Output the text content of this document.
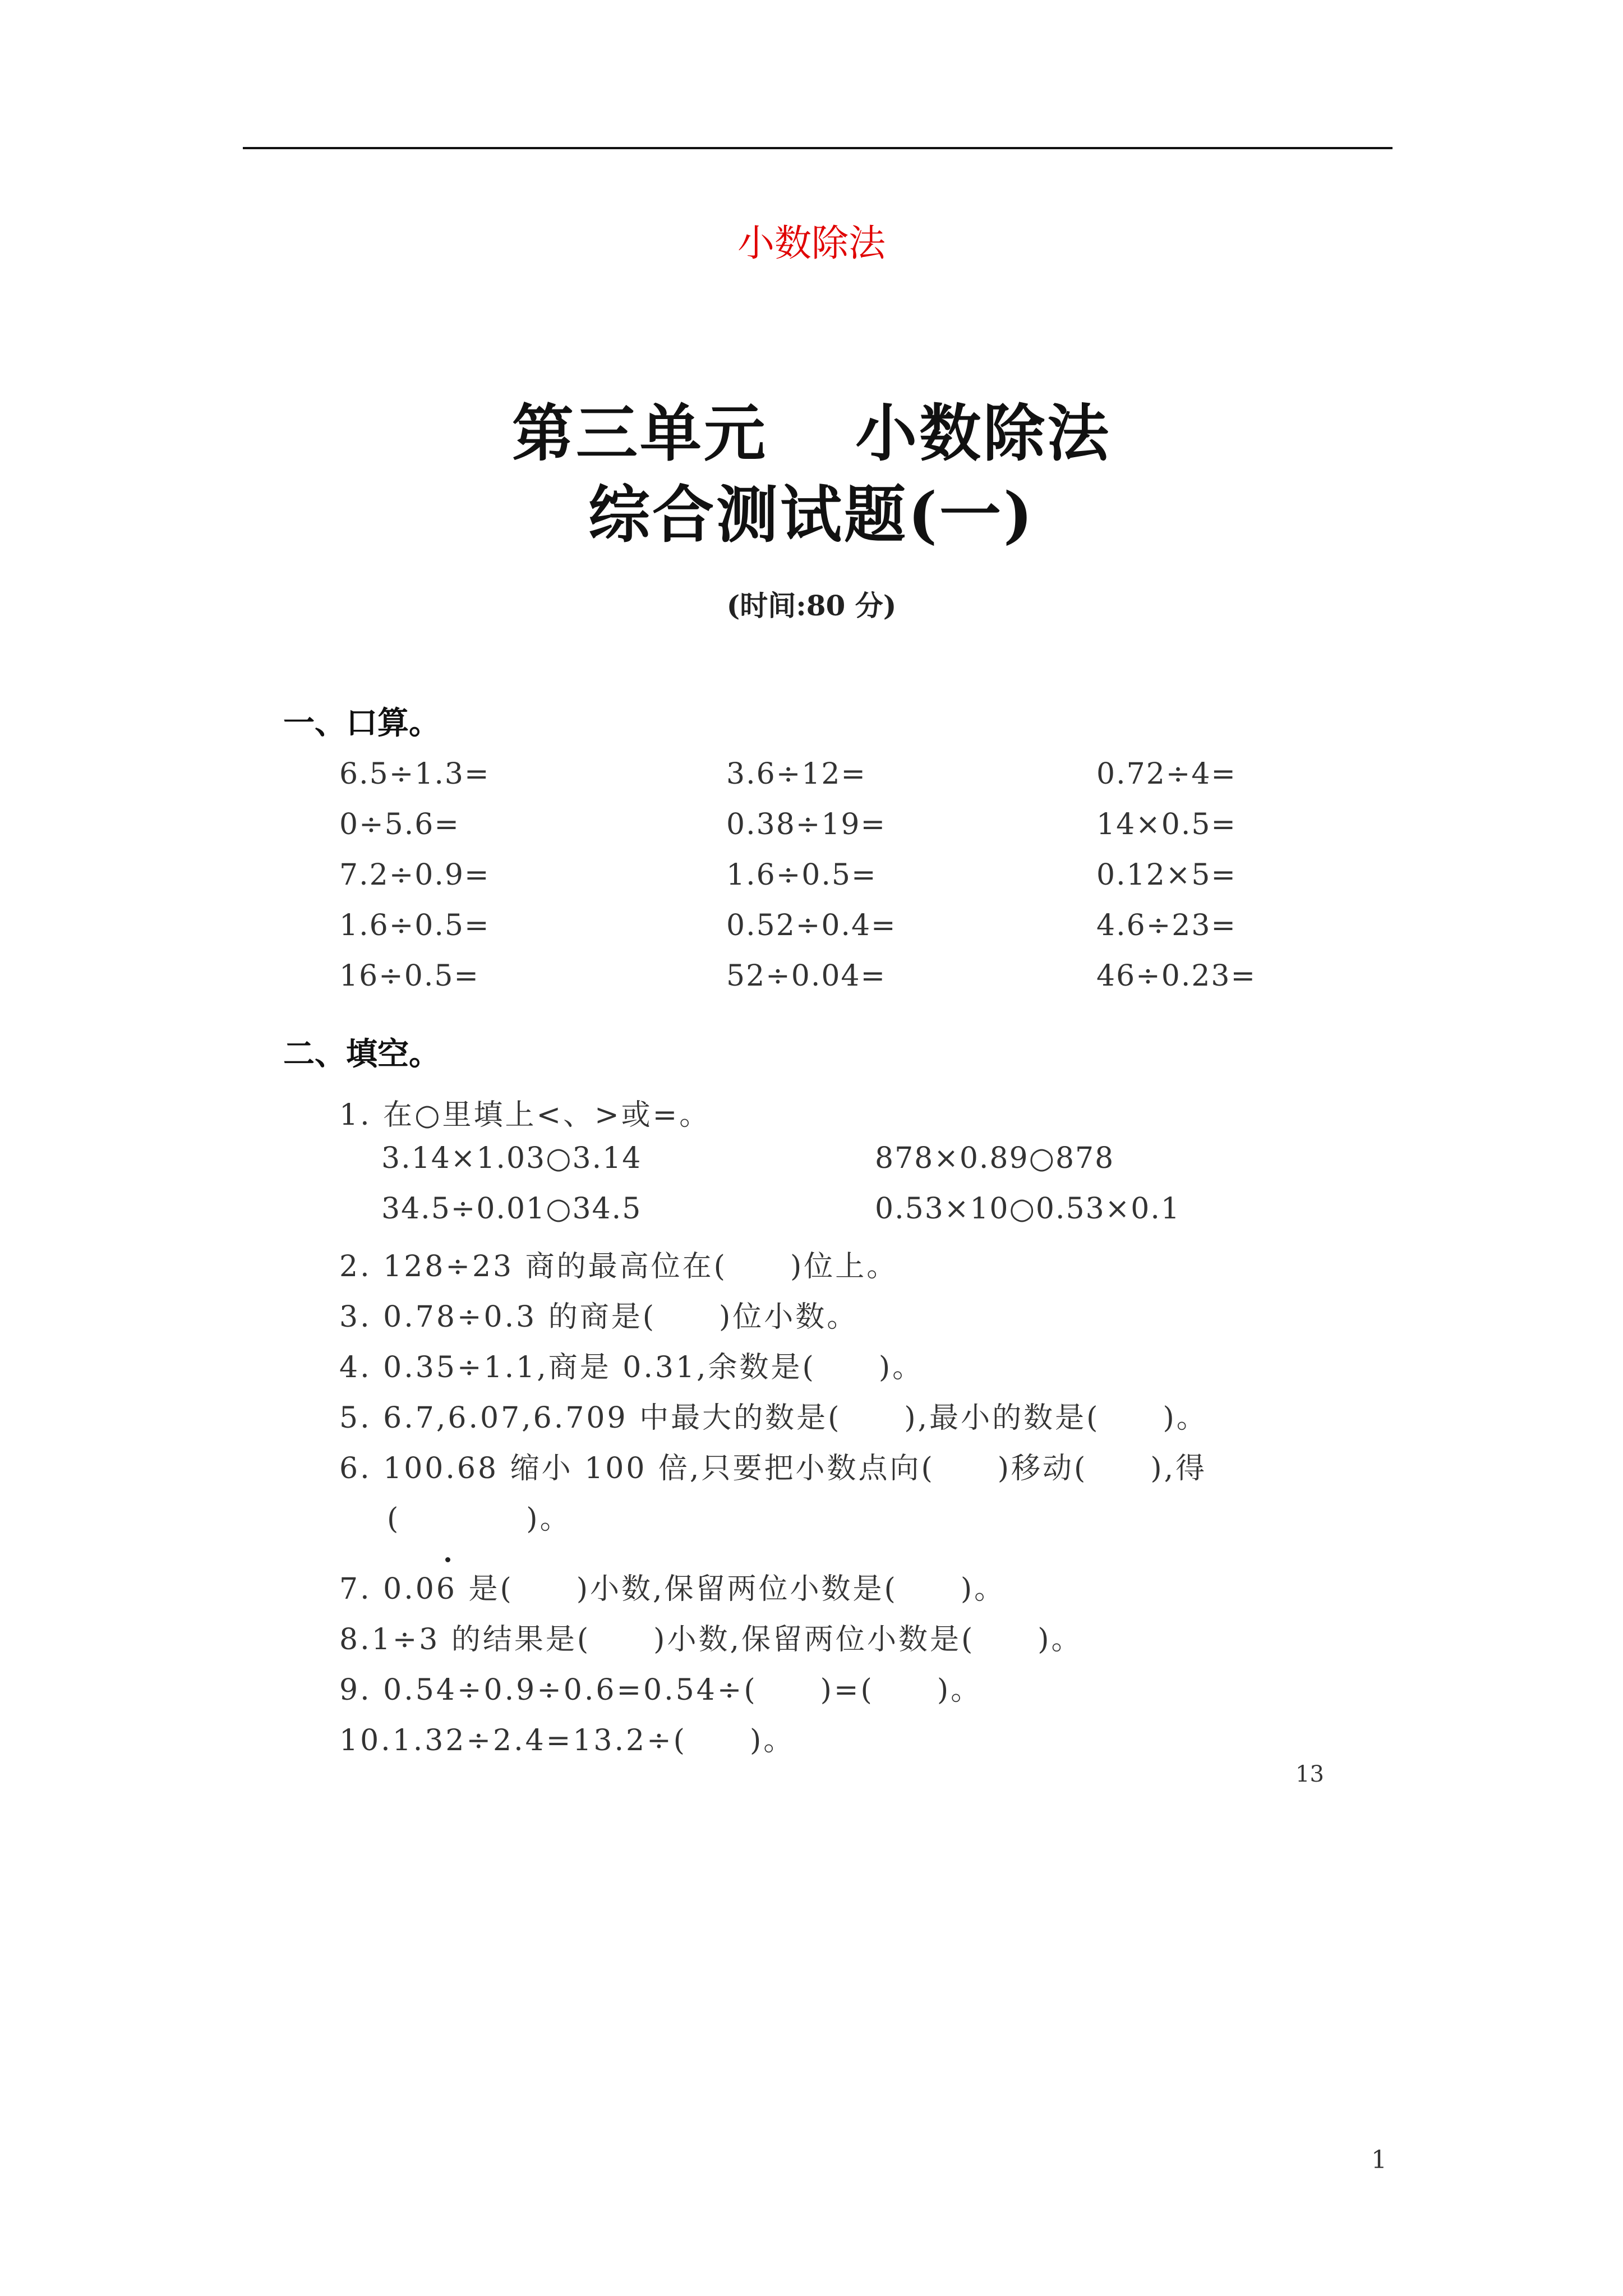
小数除法
第三单元　 小数除法
综合测试题(一)
(时间:80 分)
一、口算。
6.5÷1.3=	3.6÷12=	0.72÷4=
0÷5.6=	0.38÷19=	14×0.5=
7.2÷0.9=	1.6÷0.5=	0.12×5=
1.6÷0.5=	0.52÷0.4=	4.6÷23=
16÷0.5=	52÷0.04=	46÷0.23=
二、填空。
1. 在○里填上<、>或=。
3.14×1.03○3.14	878×0.89○878
34.5÷0.01○34.5	0.53×10○0.53×0.1
2. 128÷23 商的最高位在(　　)位上。
3. 0.78÷0.3 的商是(　　)位小数。
4. 0.35÷1.1,商是 0.31,余数是(　　)。
5. 6.7,6.07,6.709 中最大的数是(　　),最小的数是(　　)。
6. 100.68 缩小 100 倍,只要把小数点向(　　)移动(　　),得
(　　　　)。
7. 0.06 是(　　)小数,保留两位小数是(　　)。
8.1÷3 的结果是(　　)小数,保留两位小数是(　　)。
9. 0.54÷0.9÷0.6=0.54÷(　　)=(　　)。
10.1.32÷2.4=13.2÷(　　)。
13
1
